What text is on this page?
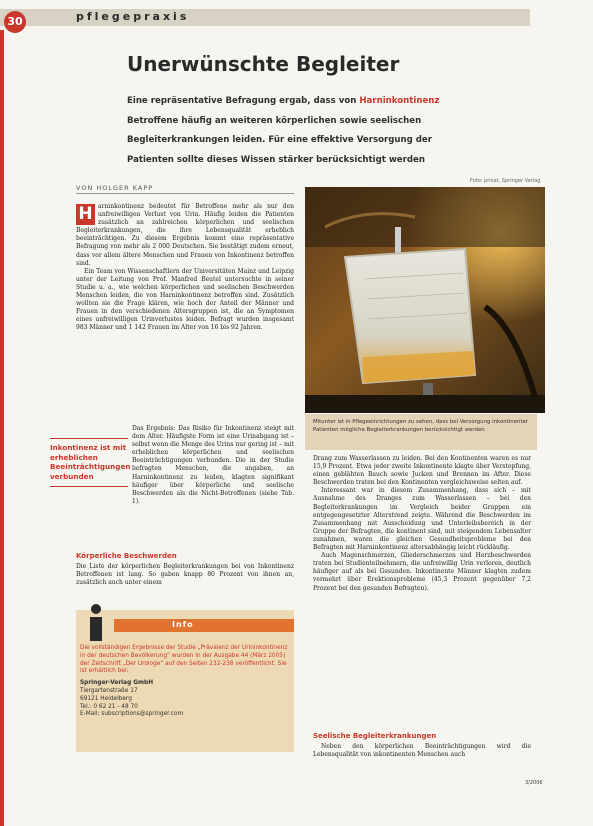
30	pflegepraxis
Unerwünschte Begleiter
Eine repräsentative Befragung ergab, dass von Harninkontinenz Betroffene häufig an weiteren körperlichen sowie seelischen Begleiterkrankungen leiden. Für eine effektive Versorgung der Patienten sollte dieses Wissen stärker berücksichtigt werden
Foto: privat, Springer Verlag
VON HOLGER KAPP
Mitunter ist in Pflegeeinrichtungen zu sehen, dass bei Versorgung inkontinenter Patienten mögliche Begleiterkrankungen berücksichtigt werden
H arninkontinenz bedeutet für Betroffene mehr als nur den unfreiwilligen Verlust von Urin. Häufig leiden die Patienten zusätzlich an zahlreichen körperlichen und seelischen Begleiterkrankungen, die ihre Lebensqualität erheblich beeinträchtigen. Zu diesem Ergebnis kommt eine repräsentative Befragung von mehr als 2 000 Deutschen. Sie bestätigt zudem erneut, dass vor allem ältere Menschen und Frauen von Inkontinenz betroffen sind.

Ein Team von Wissenschaftlern der Universitäten Mainz und Leipzig unter der Leitung von Prof. Manfred Beutel untersuchte in seiner Studie u. a., wie welchen körperlichen und seelischen Beschwerden Menschen leiden, die von Harninkontinenz betroffen sind. Zusätzlich wollten sie die Frage klären, wie hoch der Anteil der Männer und Frauen in den verschiedenen Altersgruppen ist, die an Symptomen eines unfreiwilligen Urinverlustes leiden. Befragt wurden insgesamt 983 Männer und 1 142 Frauen im Alter von 16 bis 92 Jahren.

Inkontinenz ist mit erheblichen Beeinträchtigungen verbunden

Das Ergebnis: Das Risiko für Inkontinenz steigt mit dem Alter. Häufigste Form ist eine Urinabgang ist – selbst wenn die Menge des Urins nur gering ist – mit erheblichen körperlichen und seelischen Beeinträchtigungen verbunden. Die in der Studie befragten Menschen, die angaben, an Harninkontinenz zu leiden, klagten signifikant häufiger über körperliche und seelische Beschwerden als die Nicht-Betroffenen (siehe Tab. 1).

Körperliche Beschwerden

Die Liste der körperlichen Begleiterkrankungen bei von Inkontinenz Betroffenen ist lang. So gaben knapp 80 Prozent von ihnen an, zusätzlich auch unter einem

Info

Die vollständigen Ergebnisse der Studie „Prävalenz der Urininkontinenz in der deutschen Bevölkerung“ wurden in der Ausgabe 44 (März 2005) der Zeitschrift „Der Urologe“ auf den Seiten 232-238 veröffentlicht. Sie ist erhältlich bei:

Springer-Verlag GmbH
Tiergartenstraße 17
69121 Heidelberg
Tel.: 0 62 21 - 48 70
E-Mail: subscriptions@springer.com

Drang zum Wasserlassen zu leiden. Bei den Kontinenten waren es nur 15,9 Prozent. Etwa jeder zweite Inkontinente klagte über Verstopfung, einen geblähten Bauch sowie Jucken und Brennen im After. Diese Beschwerden traten bei den Kontinenten vergleichsweise selten auf.

Interessant war in diesem Zusammenhang, dass sich – mit Ausnahme des Dranges zum Wasserlassen – bei den Begleiterkrankungen im Vergleich beider Gruppen ein entgegengesetzter Alterstrend zeigte. Während die Beschwerden im Zusammenhang mit Ausscheidung und Unterleibsbereich in der Gruppe der Befragten, die kontinent sind, mit steigendem Lebensalter zunahmen, waren die gleichen Gesundheitsprobleme bei den Befragten mit Harninkontinenz altersabhängig leicht rückläufig.

Auch Magenschmerzen, Gliederschmerzen und Herzbeschwerden traten bei Studienteilnehmern, die unfreiwillig Urin verloren, deutlich häufiger auf als bei Gesunden. Inkontinente Männer klagten zudem vermehrt über Erektionsprobleme (45,3 Prozent gegenüber 7,2 Prozent bei den gesunden Befragten).

Seelische Begleiterkrankungen

Neben den körperlichen Beeinträchtigungen wird die Lebensqualität von inkontinenten Menschen auch

3/2006
